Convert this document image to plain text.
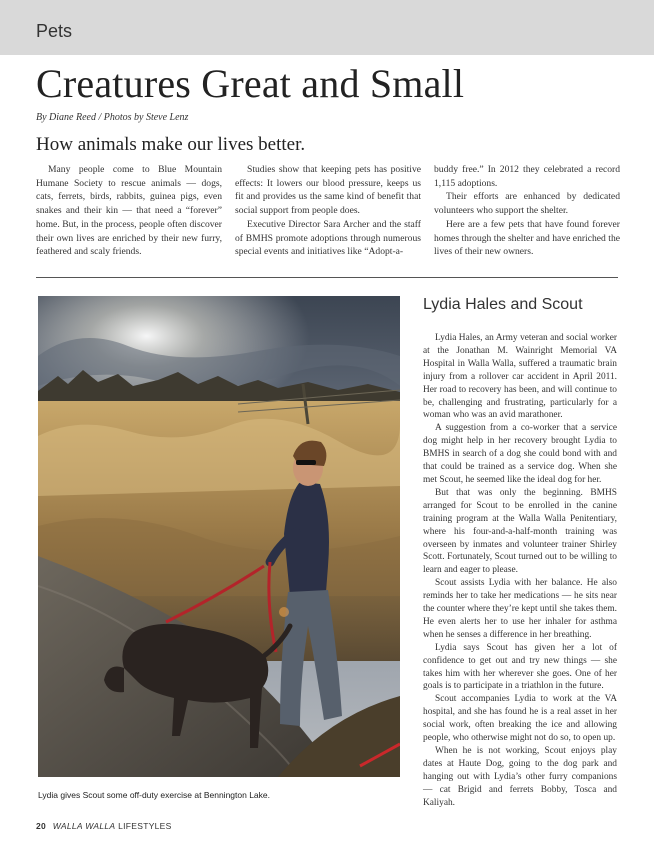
Pets
Creatures Great and Small
By Diane Reed / Photos by Steve Lenz
How animals make our lives better.

Many people come to Blue Mountain Humane Society to rescue animals — dogs, cats, ferrets, birds, rabbits, guinea pigs, even snakes and their kin — that need a “forever” home. But, in the process, people often discover their own lives are enriched by their new furry, feathered and scaly friends.

Studies show that keeping pets has positive effects: It lowers our blood pressure, keeps us fit and provides us the same kind of benefit that social support from people does.

Executive Director Sara Archer and the staff of BMHS promote adoptions through numerous special events and initiatives like “Adopt-a-

buddy free.” In 2012 they celebrated a record 1,115 adoptions.

Their efforts are enhanced by dedicated volunteers who support the shelter.

Here are a few pets that have found forever homes through the shelter and have enriched the lives of their new owners.

Lydia gives Scout some off-duty exercise at Bennington Lake.
Lydia Hales and Scout

Lydia Hales, an Army veteran and social worker at the Jonathan M. Wainright Memorial VA Hospital in Walla Walla, suffered a traumatic brain injury from a rollover car accident in April 2011. Her road to recovery has been, and will continue to be, challenging and frustrating, particularly for a woman who was an avid marathoner.

A suggestion from a co-worker that a service dog might help in her recovery brought Lydia to BMHS in search of a dog she could bond with and that could be trained as a service dog. When she met Scout, he seemed like the ideal dog for her.

But that was only the beginning. BMHS arranged for Scout to be enrolled in the canine training program at the Walla Walla Penitentiary, where his four-and-a-half-month training was overseen by inmates and volunteer trainer Shirley Scott. Fortunately, Scout turned out to be willing to learn and eager to please.

Scout assists Lydia with her balance. He also reminds her to take her medications — he sits near the counter where they’re kept until she takes them. He even alerts her to use her inhaler for asthma when he senses a difference in her breathing.

Lydia says Scout has given her a lot of confidence to get out and try new things — she takes him with her wherever she goes. One of her goals is to participate in a triathlon in the future.

Scout accompanies Lydia to work at the VA hospital, and she has found he is a real asset in her social work, often breaking the ice and allowing people, who otherwise might not do so, to open up.

When he is not working, Scout enjoys play dates at Haute Dog, going to the dog park and hanging out with Lydia’s other furry companions — cat Brigid and ferrets Bobby, Tosca and Kaliyah.

20 WALLA WALLA LIFESTYLES
